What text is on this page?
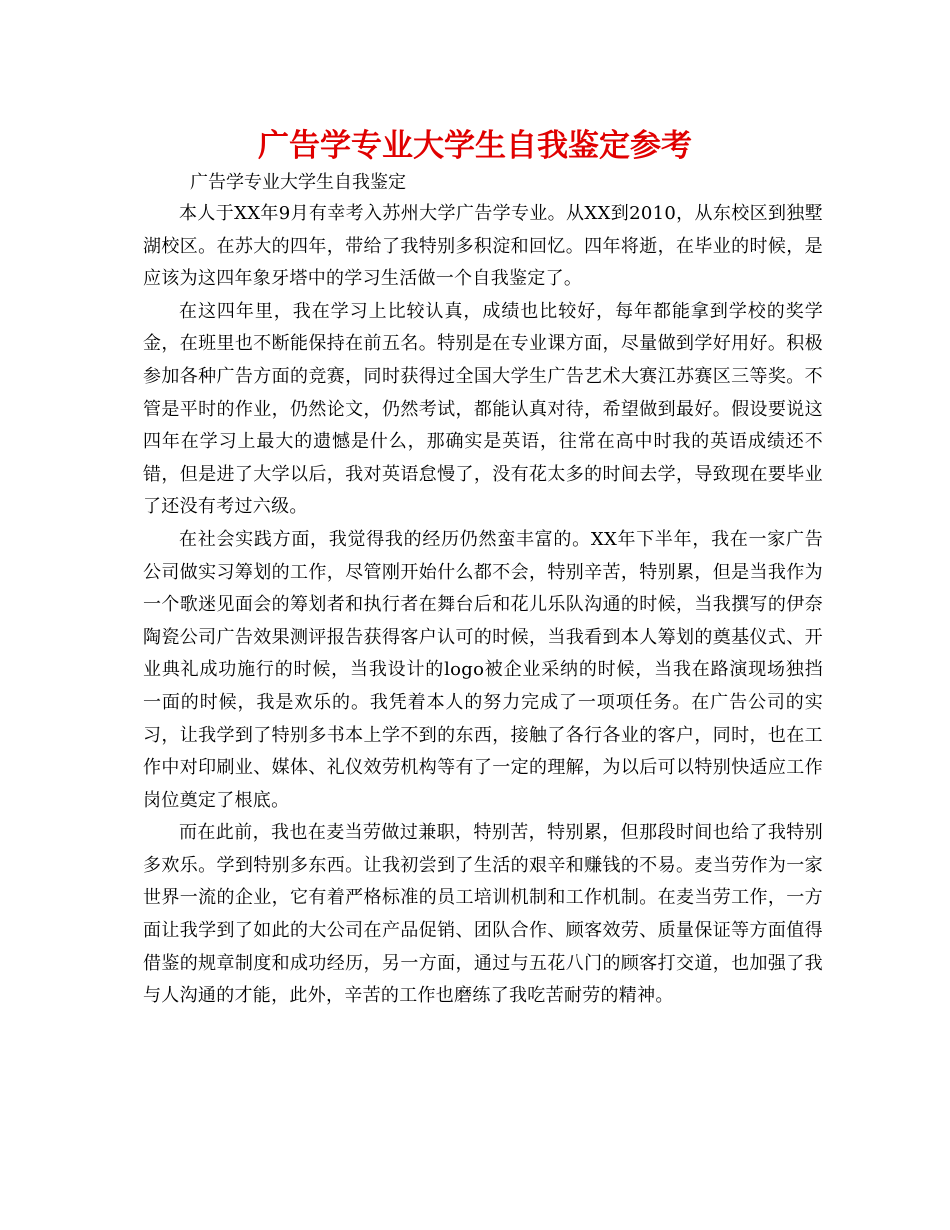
广告学专业大学生自我鉴定参考

广告学专业大学生自我鉴定

本人于XX年9月有幸考入苏州大学广告学专业。从XX到2010，从东校区到独墅湖校区。在苏大的四年，带给了我特别多积淀和回忆。四年将逝，在毕业的时候，是应该为这四年象牙塔中的学习生活做一个自我鉴定了。

在这四年里，我在学习上比较认真，成绩也比较好，每年都能拿到学校的奖学金，在班里也不断能保持在前五名。特别是在专业课方面，尽量做到学好用好。积极参加各种广告方面的竞赛，同时获得过全国大学生广告艺术大赛江苏赛区三等奖。不管是平时的作业，仍然论文，仍然考试，都能认真对待，希望做到最好。假设要说这四年在学习上最大的遗憾是什么，那确实是英语，往常在高中时我的英语成绩还不错，但是进了大学以后，我对英语怠慢了，没有花太多的时间去学，导致现在要毕业了还没有考过六级。

在社会实践方面，我觉得我的经历仍然蛮丰富的。XX年下半年，我在一家广告公司做实习筹划的工作，尽管刚开始什么都不会，特别辛苦，特别累，但是当我作为一个歌迷见面会的筹划者和执行者在舞台后和花儿乐队沟通的时候，当我撰写的伊奈陶瓷公司广告效果测评报告获得客户认可的时候，当我看到本人筹划的奠基仪式、开业典礼成功施行的时候，当我设计的logo被企业采纳的时候，当我在路演现场独挡一面的时候，我是欢乐的。我凭着本人的努力完成了一项项任务。在广告公司的实习，让我学到了特别多书本上学不到的东西，接触了各行各业的客户，同时，也在工作中对印刷业、媒体、礼仪效劳机构等有了一定的理解，为以后可以特别快适应工作岗位奠定了根底。

而在此前，我也在麦当劳做过兼职，特别苦，特别累，但那段时间也给了我特别多欢乐。学到特别多东西。让我初尝到了生活的艰辛和赚钱的不易。麦当劳作为一家世界一流的企业，它有着严格标准的员工培训机制和工作机制。在麦当劳工作，一方面让我学到了如此的大公司在产品促销、团队合作、顾客效劳、质量保证等方面值得借鉴的规章制度和成功经历，另一方面，通过与五花八门的顾客打交道，也加强了我与人沟通的才能，此外，辛苦的工作也磨练了我吃苦耐劳的精神。
